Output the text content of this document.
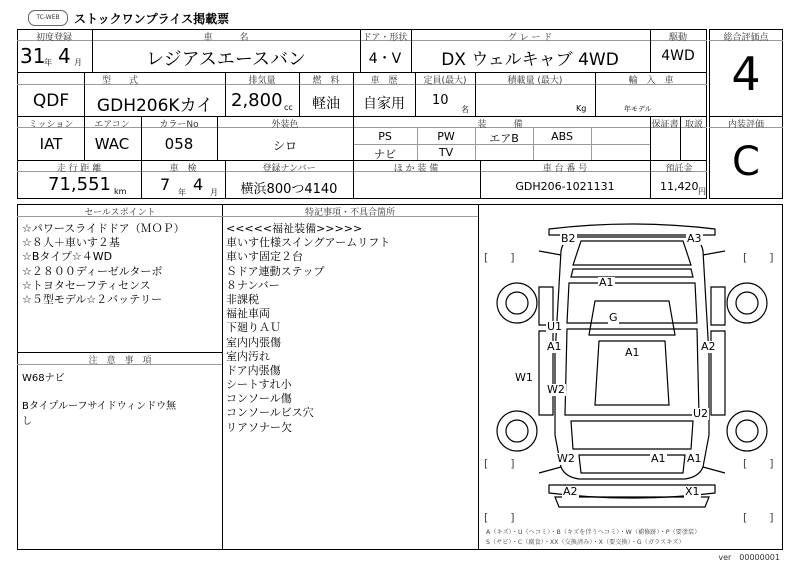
TC-WEB	ストックワンプライス掲載票
初度登録
31
年 4 月
車　　　名
レジアスエースバン
ドア・形状
4・V
グ レ ー ド
DX ウェルキャブ 4WD
駆動
4WD
型　　式
QDF GDH206Kカイ
排気量
2,800 cc
燃　料
軽油
車　歴
自家用
定員(最大)
10
名
積載量 (最大)
Kg
輸　入　車
年モデル
ミッション
IAT
エアコン
WAC
カラーNo
058
外装色
シロ
装　　　備
PS	PW	エアB	ABS
ナビ	TV
保証書 取説
走 行 距 離
71,551 km
車　検
7 年 4 月
登録ナンバー
横浜800つ4140
ほ か 装 備	車 台 番 号
GDH206-1021131
預託金
11,420 円
総合評価点
4
内装評価
C
セールスポイント
☆パワースライドドア（ＭＯＰ）
☆８人＋車いす２基
☆Bタイプ☆４WD
☆２８００ディーゼルターボ
☆トヨタセーフティセンス
☆５型モデル☆２バッテリー
注　意　事　項
W68ナビ
Bタイプルーフサイドウィンドウ無
し
特記事項・不具合箇所
<<<<<福祉装備>>>>>
車いす仕様スイングアームリフト
車いす固定２台
Ｓドア連動ステップ
８ナンバー
非課税
福祉車両
下廻りＡＵ
室内内張傷
室内汚れ
ドア内張傷
シートすれ小
コンソール傷
コンソールビス穴
リアソナー欠
B2	A3
A1
G
U1
A1	A1	A2
W1
W2
U2
W2	A1 A1
A2	X1
[　　]	[　　]
[　　]	[　　]
[　　]	[　　]
A（キズ）・U（ヘコミ）・B（キズを伴うヘコミ）・W（補修跡）・P（要塗装）
S（サビ）・C（腐食）・XX（交換済み）・X（要交換）・G（ガラスキズ）
ver　00000001
